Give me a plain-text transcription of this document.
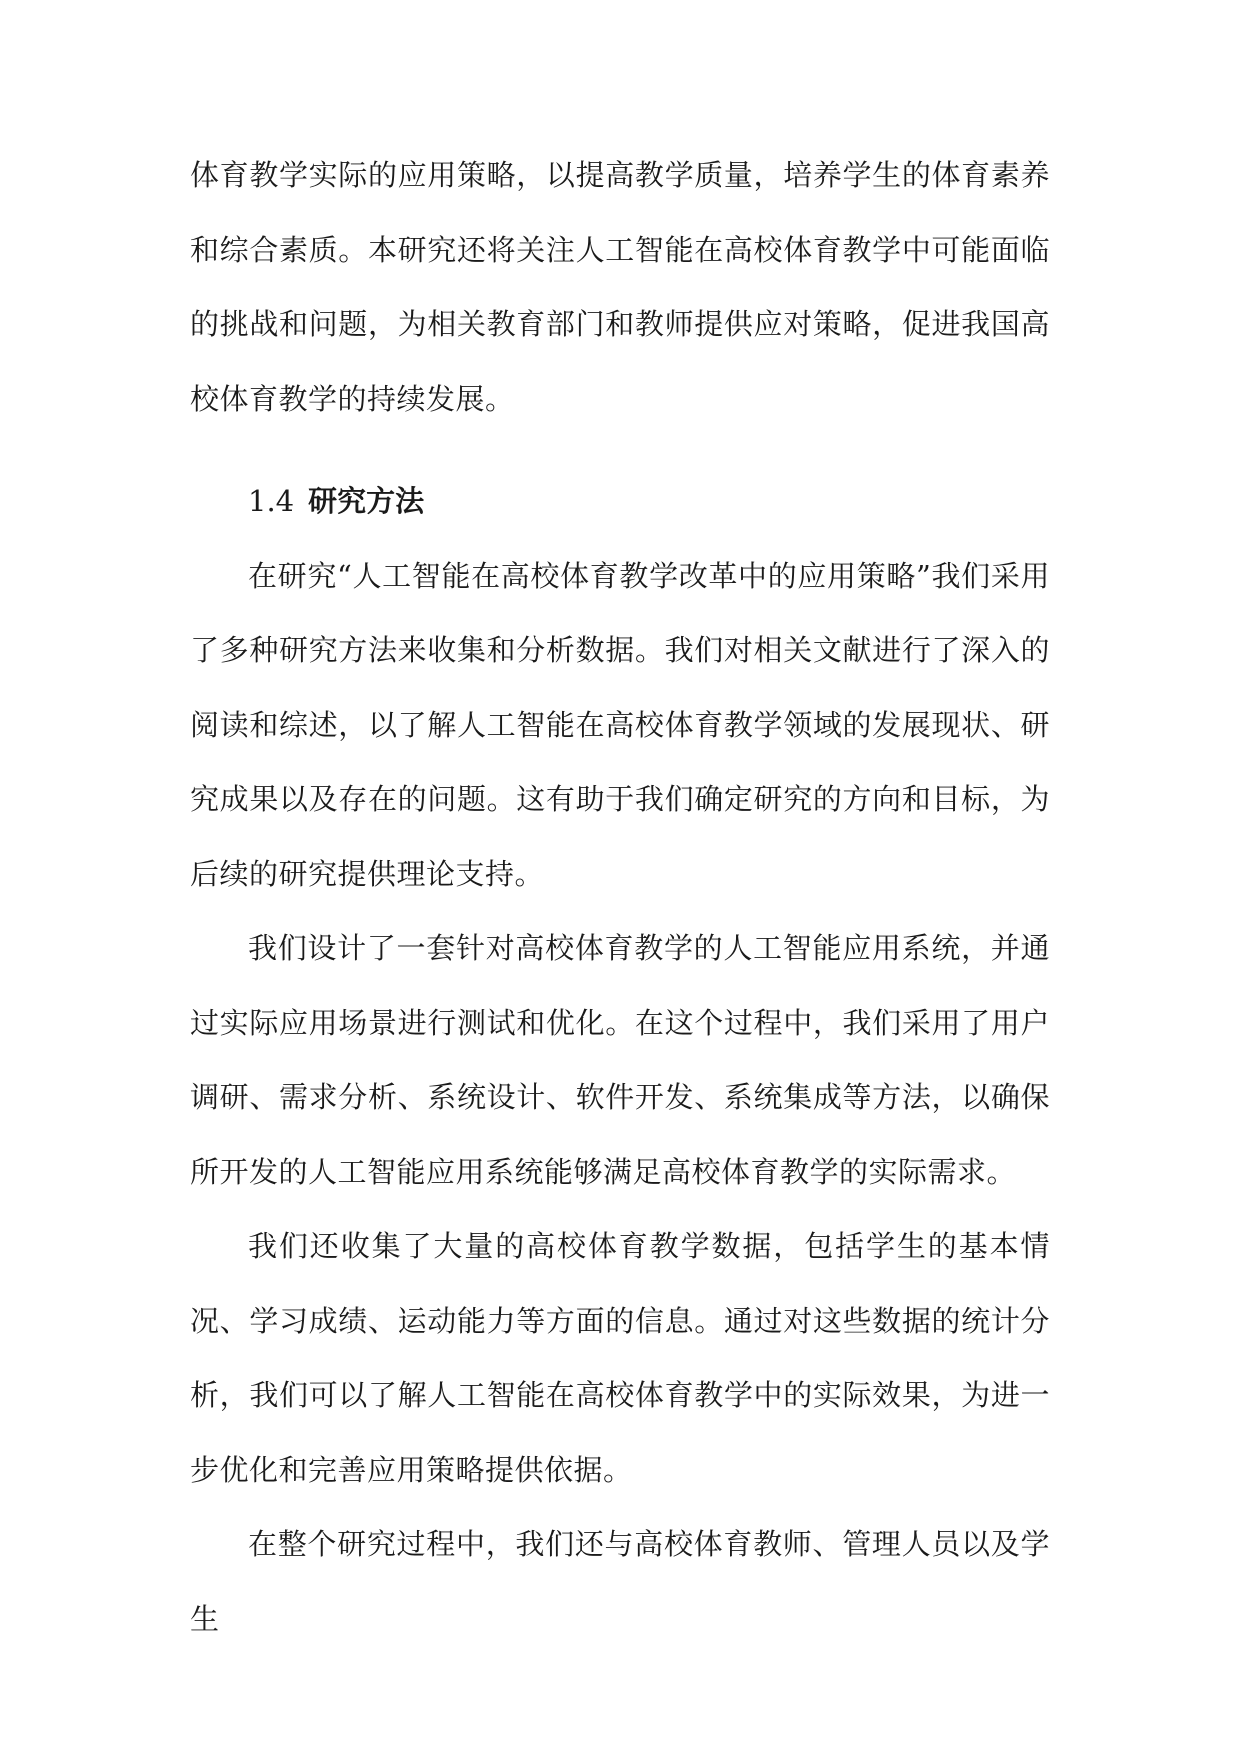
体育教学实际的应用策略，以提高教学质量，培养学生的体育素养和综合素质。本研究还将关注人工智能在高校体育教学中可能面临的挑战和问题，为相关教育部门和教师提供应对策略，促进我国高校体育教学的持续发展。

1.4 研究方法

在研究“人工智能在高校体育教学改革中的应用策略”我们采用了多种研究方法来收集和分析数据。我们对相关文献进行了深入的阅读和综述，以了解人工智能在高校体育教学领域的发展现状、研究成果以及存在的问题。这有助于我们确定研究的方向和目标，为后续的研究提供理论支持。

我们设计了一套针对高校体育教学的人工智能应用系统，并通过实际应用场景进行测试和优化。在这个过程中，我们采用了用户调研、需求分析、系统设计、软件开发、系统集成等方法，以确保所开发的人工智能应用系统能够满足高校体育教学的实际需求。

我们还收集了大量的高校体育教学数据，包括学生的基本情况、学习成绩、运动能力等方面的信息。通过对这些数据的统计分析，我们可以了解人工智能在高校体育教学中的实际效果，为进一步优化和完善应用策略提供依据。

在整个研究过程中，我们还与高校体育教师、管理人员以及学生
